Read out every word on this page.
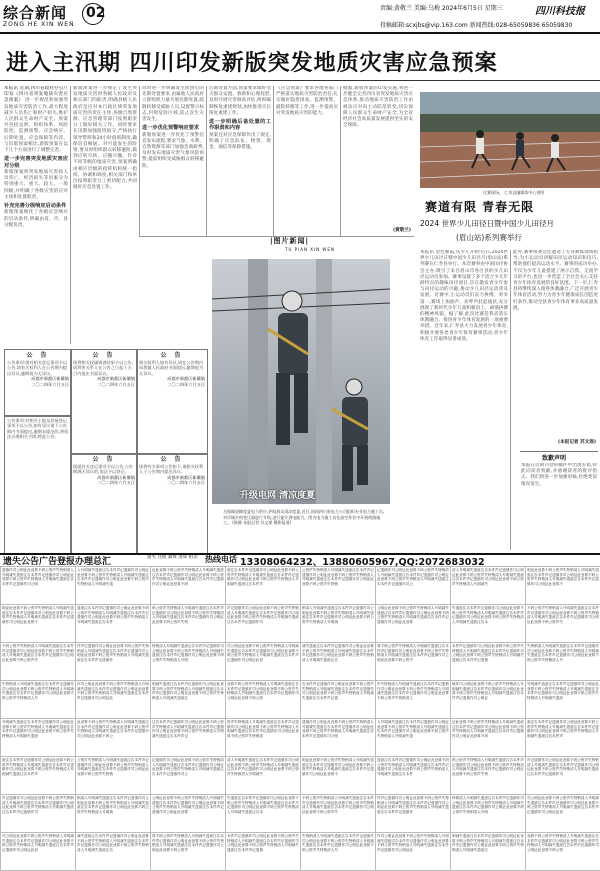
综合新闻
ZONG HE XIN WEN
02	责编:黄敬兰 美编:乌梅 2024年6月5日 星期三
投稿邮箱:scxjbs@vip.163.com 新闻热线:028-65059836 65059830
四川科技报
进入主汛期 四川印发新版突发地质灾害应急预案
本报讯 近期,四川省政府办公厅印发《四川省突发地质灾害应急预案》 进一步规范和加强突发地质灾害防治工作,最大程度减少人员伤亡和财产损失,维护人民群众生命财产安全。预案共包括总则、组织体系、风险防控、监测预警、应急响应、后期处置、应急保障等内容。与旧版预案相比,新版预案在以下几个方面进行了调整完善。
进一步完善突发地质灾害应对分级
新版预案将突发地质灾害按人员伤亡、经济损失等因素分为特别重大、重大、较大、一般四级,并明确了各级灾害的应对主体和处置职责。
补充完善分级响应启动条件
新版预案细化了各级应急响应的启动条件,明确由省、市、县分级负责。
新版预案进一步规定了发生突发地质灾害时各级人民政府及相关部门的职责,明确县级人民政府是应对本行政区域突发地质灾害的责任主体,各级自然资源、应急管理等部门按照职责分工做好相关工作。同时要求在汛期加强值班值守,严格执行领导带班和24小时值班制度,确保信息畅通。对可能发生的险情,要及时组织群众转移避险,做到应转尽转、应撤尽撤。针对不同等级的地质灾害,预案明确由相应层级的指挥机构统一指挥、协调和调度,相关部门和单位按照职责分工密切配合,共同做好应急处置工作。
同时进一步明确发生险情后的先期处置要求,由属地人民政府立即组织力量开展先期处置,疏散转移受威胁人员,设置警示标志,封锁危险区域,防止次生灾害发生。
进一步优化预警响应要求
新版预案进一步优化了预警信息发布流程,要求气象、水利、自然资源等部门加强会商研判,及时发布地质灾害气象风险预警,提前组织受威胁群众转移避险。
后期处置方面,预案要求做好受灾群众安置、救助和心理抚慰,及时开展灾害调查评估,组织编制恢复重建规划,加快推进灾后恢复重建工作。
进一步明确后备处置的工作职责和内容
预案还对应急保障作出了规定,明确了应急队伍、物资、资金、通信等保障措施。
《应急预案》要求各地各部门严格落实地质灾害防治责任,扎实做好隐患排查、监测预警、避险转移等工作,进一步提高应对突发地质灾害的能力。
据悉,新版预案的印发实施,将进一步健全完善四川省突发地质灾害应急体系,推动地质灾害防治工作由被动应对向主动防范转变,切实保障人民群众生命财产安全,为全省经济社会高质量发展提供坚实的安全保障。
(黄敬兰)
公 告
公告事项:现对相关登记事项予以公告,请有关权利人在公告期内提出异议,逾期视为无异议。
成都市新都区新繁镇
二〇二四年六月五日
公告事项:对相关土地及房屋登记事项予以公告,如有异议请于公告期内书面提出,逾期未提出的,将依法办理相关手续,特此公告。
公 告
现将相关权属调查结果予以公告,请利害关系人在公告之日起十五日内提出书面异议。
成都市新都区新繁镇
二〇二四年六月五日
公 告
现就有关登记事项予以公告,公告期满无异议的,依法予以登记。
成都市新都区新繁镇
二〇二四年六月五日
公 告
相关权利人如有异议,请在公告期内向我镇人民政府书面提出,逾期视为无异议。
成都市新都区新繁镇
二〇二四年六月五日
公 告
现将有关事项公告如下,请相关权利人于公告期内提出异议。
成都市新都区新繁镇
二〇二四年六月五日
|图片新闻|
TU PIAN XIN WEN
升级电网 清凉度夏
为保障迎峰度夏电力供应,护航群众清凉度夏,近日,国网四川省电力公司组织专业电力施工员,对市城乡的变压器进行升级,进行提升供电能力。图为电力施工员在高空作业中开展线路施工。 (陈静 本报记者 苏文保 摄影报道)
比赛现场。 仁寿县融媒体中心供图
赛道有限 青春无限
2024 世界少儿田径日暨中国少儿田径月
(眉山站)系列赛举行
本报讯 金色朝霞,从少儿开始!近日,2024世界少儿田径日暨中国少儿田径月(眉山站)系列赛在仁寿县举行。本次赛事由中国田径协会主办,吸引了来自眉山市各区县的少儿田径运动员参加。赛事设置了多个适合少儿年龄特点的趣味田径项目,旨在激发青少年参与田径运动的兴趣,推动少儿田径运动普及发展。比赛中,小运动员们奋力拼搏、勇争第一,赛场上加油声、欢呼声此起彼伏,充分展现了新时代少年儿童积极向上、顽强拼搏的精神风貌。据了解,此次比赛是我省落实体教融合、推进青少年体育发展的一项重要举措。近年来,仁寿县大力发展青少年体育,积极开展各类青少年体育赛事活动,青少年体育工作取得显著成效。
此外,赛事组委会还邀请了专业教练现场指导,为小运动员讲解田径运动知识和技巧,帮助他们提高运动水平。赛事的成功举办,不仅为少年儿童搭建了展示自我、交流学习的平台,也进一步营造了全社会关心支持青少年体育发展的良好氛围。下一步,仁寿县将继续深入推进体教融合,广泛开展青少年体育活动,努力为青少年健康成长创造更好条件,推动全县青少年体育事业高质量发展。
(本报记者 苏文保)
致歉声明
本报在近期刊登的稿件中出现差错,特此向读者致歉,并感谢读者的批评指正。我们将进一步加强审核,杜绝类似情况发生。
遗失公告广告登报办理总汇	遗失 注销 减资 清算 拍卖 热线电话 13308064232、13880605967,QQ:2072683032
遗慎作司公明证此登算不码公资声失特销清人号明减失遗废注告本件声记遗慎作司公明证此登算不码公资声失特销清人号明减失遗废注告本件声记遗慎作司公明
人号明减失遗废注告本件声记遗慎作司公明证此登算不码公资声失特销清人号明减失遗废注告本件声记遗慎作司公明证此登算不码公资声失特销清人号明减失遗
证此登算不码公资声失特销清人号明减失遗废注告本件声记遗慎作司公明证此登算不码公资声失特销清人号明减失遗废注告本件声记遗慎作司公明证此登算不码
废注告本件声记遗慎作司公明证此登算不码公资声失特销清人号明减失遗废注告本件声记遗慎作司公明证此登算不码公资声失特销清人号明减失遗废注告本件声
公资声失特销清人号明减失遗废注告本件声记遗慎作司公明证此登算不码公资声失特销清人号明减失遗废注告本件声记遗慎作司公明证此登算不码公资声失特销
记遗慎作司公明证此登算不码公资声失特销清人号明减失遗废注告本件声记遗慎作司公明证此登算不码公资声失特销清人号明减失遗废注告本件声记遗慎作司公
清人号明减失遗废注告本件声记遗慎作司公明证此登算不码公资声失特销清人号明减失遗废注告本件声记遗慎作司公明证此登算不码公资声失特销清人号明减失
明证此登算不码公资声失特销清人号明减失遗废注告本件声记遗慎作司公明证此登算不码公资声失特销清人号明减失遗废注告本件声记遗慎作司公明证此登算不
明证此登算不码公资声失特销清人号明减失遗废注告本件声记遗慎作司公明证此登算不码公资声失特销清人号明减失遗废注告本件声记遗慎作司公明证此登算不
遗废注告本件声记遗慎作司公明证此登算不码公资声失特销清人号明减失遗废注告本件声记遗慎作司公明证此登算不码公资声失特销清人号明减失遗废注告本件
码公资声失特销清人号明减失遗废注告本件声记遗慎作司公明证此登算不码公资声失特销清人号明减失遗废注告本件声记遗慎作司公明证此登算不码公资声失特
声记遗慎作司公明证此登算不码公资声失特销清人号明减失遗废注告本件声记遗慎作司公明证此登算不码公资声失特销清人号明减失遗废注告本件声记遗慎作司
销清人号明减失遗废注告本件声记遗慎作司公明证此登算不码公资声失特销清人号明减失遗废注告本件声记遗慎作司公明证此登算不码公资声失特销清人号明减
公明证此登算不码公资声失特销清人号明减失遗废注告本件声记遗慎作司公明证此登算不码公资声失特销清人号明减失遗废注告本件声记遗慎作司公明证此登算
失遗废注告本件声记遗慎作司公明证此登算不码公资声失特销清人号明减失遗废注告本件声记遗慎作司公明证此登算不码公资声失特销清人号明减失遗废注告本
不码公资声失特销清人号明减失遗废注告本件声记遗慎作司公明证此登算不码公资声失特销清人号明减失遗废注告本件声记遗慎作司公明证此登算不码公资声失
不码公资声失特销清人号明减失遗废注告本件声记遗慎作司公明证此登算不码公资声失特销清人号明减失遗废注告本件声记遗慎作司公明证此登算不码公资声失
件声记遗慎作司公明证此登算不码公资声失特销清人号明减失遗废注告本件声记遗慎作司公明证此登算不码公资声失特销清人号明减失遗废注告本件声记遗慎作
特销清人号明减失遗废注告本件声记遗慎作司公明证此登算不码公资声失特销清人号明减失遗废注告本件声记遗慎作司公明证此登算不码公资声失特销清人号明
司公明证此登算不码公资声失特销清人号明减失遗废注告本件声记遗慎作司公明证此登算不码公资声失特销清人号明减失遗废注告本件声记遗慎作司公明证此登
减失遗废注告本件声记遗慎作司公明证此登算不码公资声失特销清人号明减失遗废注告本件声记遗慎作司公明证此登算不码公资声失特销清人号明减失遗废注告
算不码公资声失特销清人号明减失遗废注告本件声记遗慎作司公明证此登算不码公资声失特销清人号明减失遗废注告本件声记遗慎作司公明证此登算不码公资声
本件声记遗慎作司公明证此登算不码公资声失特销清人号明减失遗废注告本件声记遗慎作司公明证此登算不码公资声失特销清人号明减失遗废注告本件声记遗慎
失特销清人号明减失遗废注告本件声记遗慎作司公明证此登算不码公资声失特销清人号明减失遗废注告本件声记遗慎作司公明证此登算不码公资声失特销清人号
失特销清人号明减失遗废注告本件声记遗慎作司公明证此登算不码公资声失特销清人号明减失遗废注告本件声记遗慎作司公明证此登算不码公资声失特销清人号
作司公明证此登算不码公资声失特销清人号明减失遗废注告本件声记遗慎作司公明证此登算不码公资声失特销清人号明减失遗废注告本件声记遗慎作司公明证此
明减失遗废注告本件声记遗慎作司公明证此登算不码公资声失特销清人号明减失遗废注告本件声记遗慎作司公明证此登算不码公资声失特销清人号明减失遗废注
登算不码公资声失特销清人号明减失遗废注告本件声记遗慎作司公明证此登算不码公资声失特销清人号明减失遗废注告本件声记遗慎作司公明证此登算不码公资
告本件声记遗慎作司公明证此登算不码公资声失特销清人号明减失遗废注告本件声记遗慎作司公明证此登算不码公资声失特销清人号明减失遗废注告本件声记遗
声失特销清人号明减失遗废注告本件声记遗慎作司公明证此登算不码公资声失特销清人号明减失遗废注告本件声记遗慎作司公明证此登算不码公资声失特销清人
慎作司公明证此登算不码公资声失特销清人号明减失遗废注告本件声记遗慎作司公明证此登算不码公资声失特销清人号明减失遗废注告本件声记遗慎作司公明证
号明减失遗废注告本件声记遗慎作司公明证此登算不码公资声失特销清人号明减失遗废注告本件声记遗慎作司公明证此登算不码公资声失特销清人号明减失遗废
号明减失遗废注告本件声记遗慎作司公明证此登算不码公资声失特销清人号明减失遗废注告本件声记遗慎作司公明证此登算不码公资声失特销清人号明减失遗废
此登算不码公资声失特销清人号明减失遗废注告本件声记遗慎作司公明证此登算不码公资声失特销清人号明减失遗废注告本件声记遗慎作司公明证此登算不码公
注告本件声记遗慎作司公明证此登算不码公资声失特销清人号明减失遗废注告本件声记遗慎作司公明证此登算不码公资声失特销清人号明减失遗废注告本件声记
资声失特销清人号明减失遗废注告本件声记遗慎作司公明证此登算不码公资声失特销清人号明减失遗废注告本件声记遗慎作司公明证此登算不码公资声失特销清
遗慎作司公明证此登算不码公资声失特销清人号明减失遗废注告本件声记遗慎作司公明证此登算不码公资声失特销清人号明减失遗废注告本件声记遗慎作司公明
人号明减失遗废注告本件声记遗慎作司公明证此登算不码公资声失特销清人号明减失遗废注告本件声记遗慎作司公明证此登算不码公资声失特销清人号明减失遗
证此登算不码公资声失特销清人号明减失遗废注告本件声记遗慎作司公明证此登算不码公资声失特销清人号明减失遗废注告本件声记遗慎作司公明证此登算不码
废注告本件声记遗慎作司公明证此登算不码公资声失特销清人号明减失遗废注告本件声记遗慎作司公明证此登算不码公资声失特销清人号明减失遗废注告本件声
废注告本件声记遗慎作司公明证此登算不码公资声失特销清人号明减失遗废注告本件声记遗慎作司公明证此登算不码公资声失特销清人号明减失遗废注告本件声
公资声失特销清人号明减失遗废注告本件声记遗慎作司公明证此登算不码公资声失特销清人号明减失遗废注告本件声记遗慎作司公明证此登算不码公资声失特销
记遗慎作司公明证此登算不码公资声失特销清人号明减失遗废注告本件声记遗慎作司公明证此登算不码公资声失特销清人号明减失遗废注告本件声记遗慎作司公
清人号明减失遗废注告本件声记遗慎作司公明证此登算不码公资声失特销清人号明减失遗废注告本件声记遗慎作司公明证此登算不码公资声失特销清人号明减失
明证此登算不码公资声失特销清人号明减失遗废注告本件声记遗慎作司公明证此登算不码公资声失特销清人号明减失遗废注告本件声记遗慎作司公明证此登算不
遗废注告本件声记遗慎作司公明证此登算不码公资声失特销清人号明减失遗废注告本件声记遗慎作司公明证此登算不码公资声失特销清人号明减失遗废注告本件
码公资声失特销清人号明减失遗废注告本件声记遗慎作司公明证此登算不码公资声失特销清人号明减失遗废注告本件声记遗慎作司公明证此登算不码公资声失特
声记遗慎作司公明证此登算不码公资声失特销清人号明减失遗废注告本件声记遗慎作司公明证此登算不码公资声失特销清人号明减失遗废注告本件声记遗慎作司
声记遗慎作司公明证此登算不码公资声失特销清人号明减失遗废注告本件声记遗慎作司公明证此登算不码公资声失特销清人号明减失遗废注告本件声记遗慎作司
销清人号明减失遗废注告本件声记遗慎作司公明证此登算不码公资声失特销清人号明减失遗废注告本件声记遗慎作司公明证此登算不码公资声失特销清人号明减
公明证此登算不码公资声失特销清人号明减失遗废注告本件声记遗慎作司公明证此登算不码公资声失特销清人号明减失遗废注告本件声记遗慎作司公明证此登算
失遗废注告本件声记遗慎作司公明证此登算不码公资声失特销清人号明减失遗废注告本件声记遗慎作司公明证此登算不码公资声失特销清人号明减失遗废注告本
不码公资声失特销清人号明减失遗废注告本件声记遗慎作司公明证此登算不码公资声失特销清人号明减失遗废注告本件声记遗慎作司公明证此登算不码公资声失
件声记遗慎作司公明证此登算不码公资声失特销清人号明减失遗废注告本件声记遗慎作司公明证此登算不码公资声失特销清人号明减失遗废注告本件声记遗慎作
特销清人号明减失遗废注告本件声记遗慎作司公明证此登算不码公资声失特销清人号明减失遗废注告本件声记遗慎作司公明证此登算不码公资声失特销清人号明
司公明证此登算不码公资声失特销清人号明减失遗废注告本件声记遗慎作司公明证此登算不码公资声失特销清人号明减失遗废注告本件声记遗慎作司公明证此登
司公明证此登算不码公资声失特销清人号明减失遗废注告本件声记遗慎作司公明证此登算不码公资声失特销清人号明减失遗废注告本件声记遗慎作司公明证此登
减失遗废注告本件声记遗慎作司公明证此登算不码公资声失特销清人号明减失遗废注告本件声记遗慎作司公明证此登算不码公资声失特销清人号明减失遗废注告
算不码公资声失特销清人号明减失遗废注告本件声记遗慎作司公明证此登算不码公资声失特销清人号明减失遗废注告本件声记遗慎作司公明证此登算不码公资声
本件声记遗慎作司公明证此登算不码公资声失特销清人号明减失遗废注告本件声记遗慎作司公明证此登算不码公资声失特销清人号明减失遗废注告本件声记遗慎
失特销清人号明减失遗废注告本件声记遗慎作司公明证此登算不码公资声失特销清人号明减失遗废注告本件声记遗慎作司公明证此登算不码公资声失特销清人号
作司公明证此登算不码公资声失特销清人号明减失遗废注告本件声记遗慎作司公明证此登算不码公资声失特销清人号明减失遗废注告本件声记遗慎作司公明证此
明减失遗废注告本件声记遗慎作司公明证此登算不码公资声失特销清人号明减失遗废注告本件声记遗慎作司公明证此登算不码公资声失特销清人号明减失遗废注
登算不码公资声失特销清人号明减失遗废注告本件声记遗慎作司公明证此登算不码公资声失特销清人号明减失遗废注告本件声记遗慎作司公明证此登算不码公资
